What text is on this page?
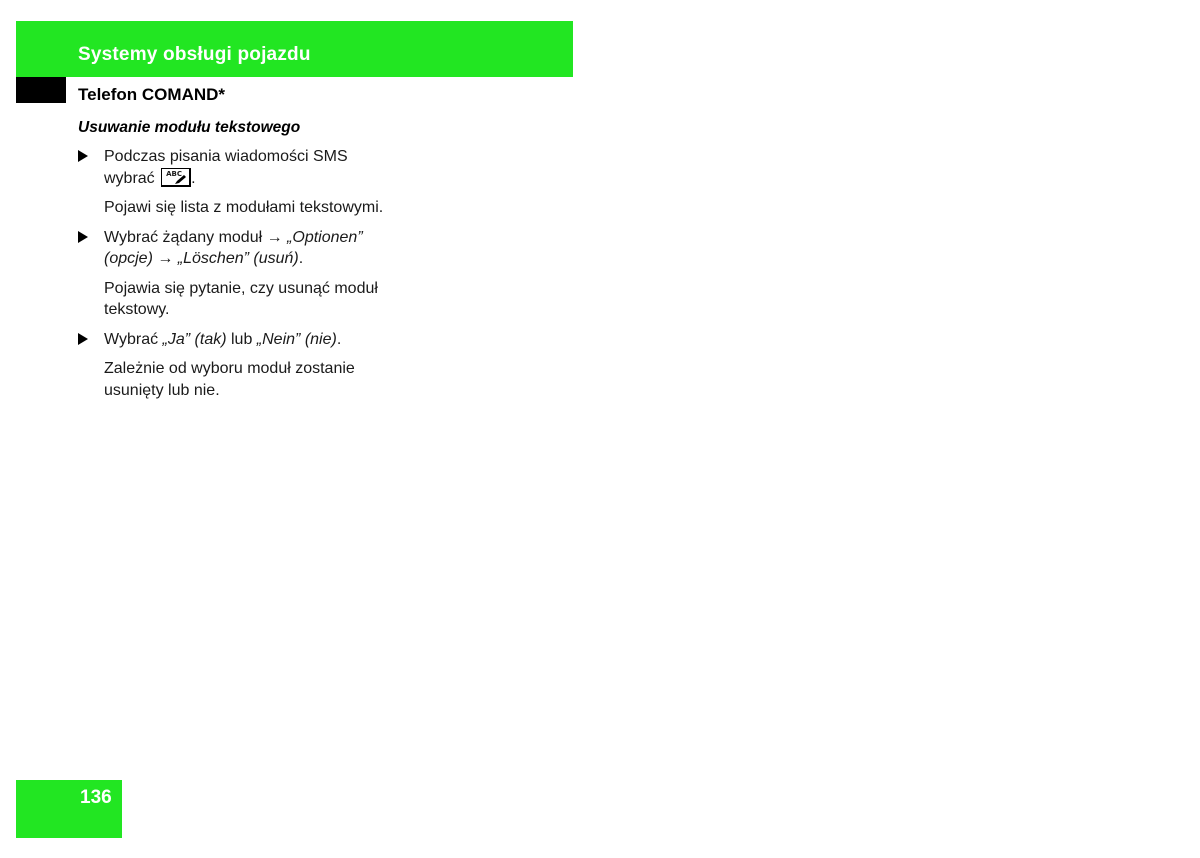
Systemy obsługi pojazdu
Telefon COMAND*
Usuwanie modułu tekstowego
Podczas pisania wiadomości SMS
wybrać ABC .
Pojawi się lista z modułami tekstowymi.
Wybrać żądany moduł → „Optionen”
(opcje) → „Löschen” (usuń).
Pojawia się pytanie, czy usunąć moduł tekstowy.
Wybrać „Ja” (tak) lub „Nein” (nie).
Zależnie od wyboru moduł zostanie usunięty lub nie.
136
